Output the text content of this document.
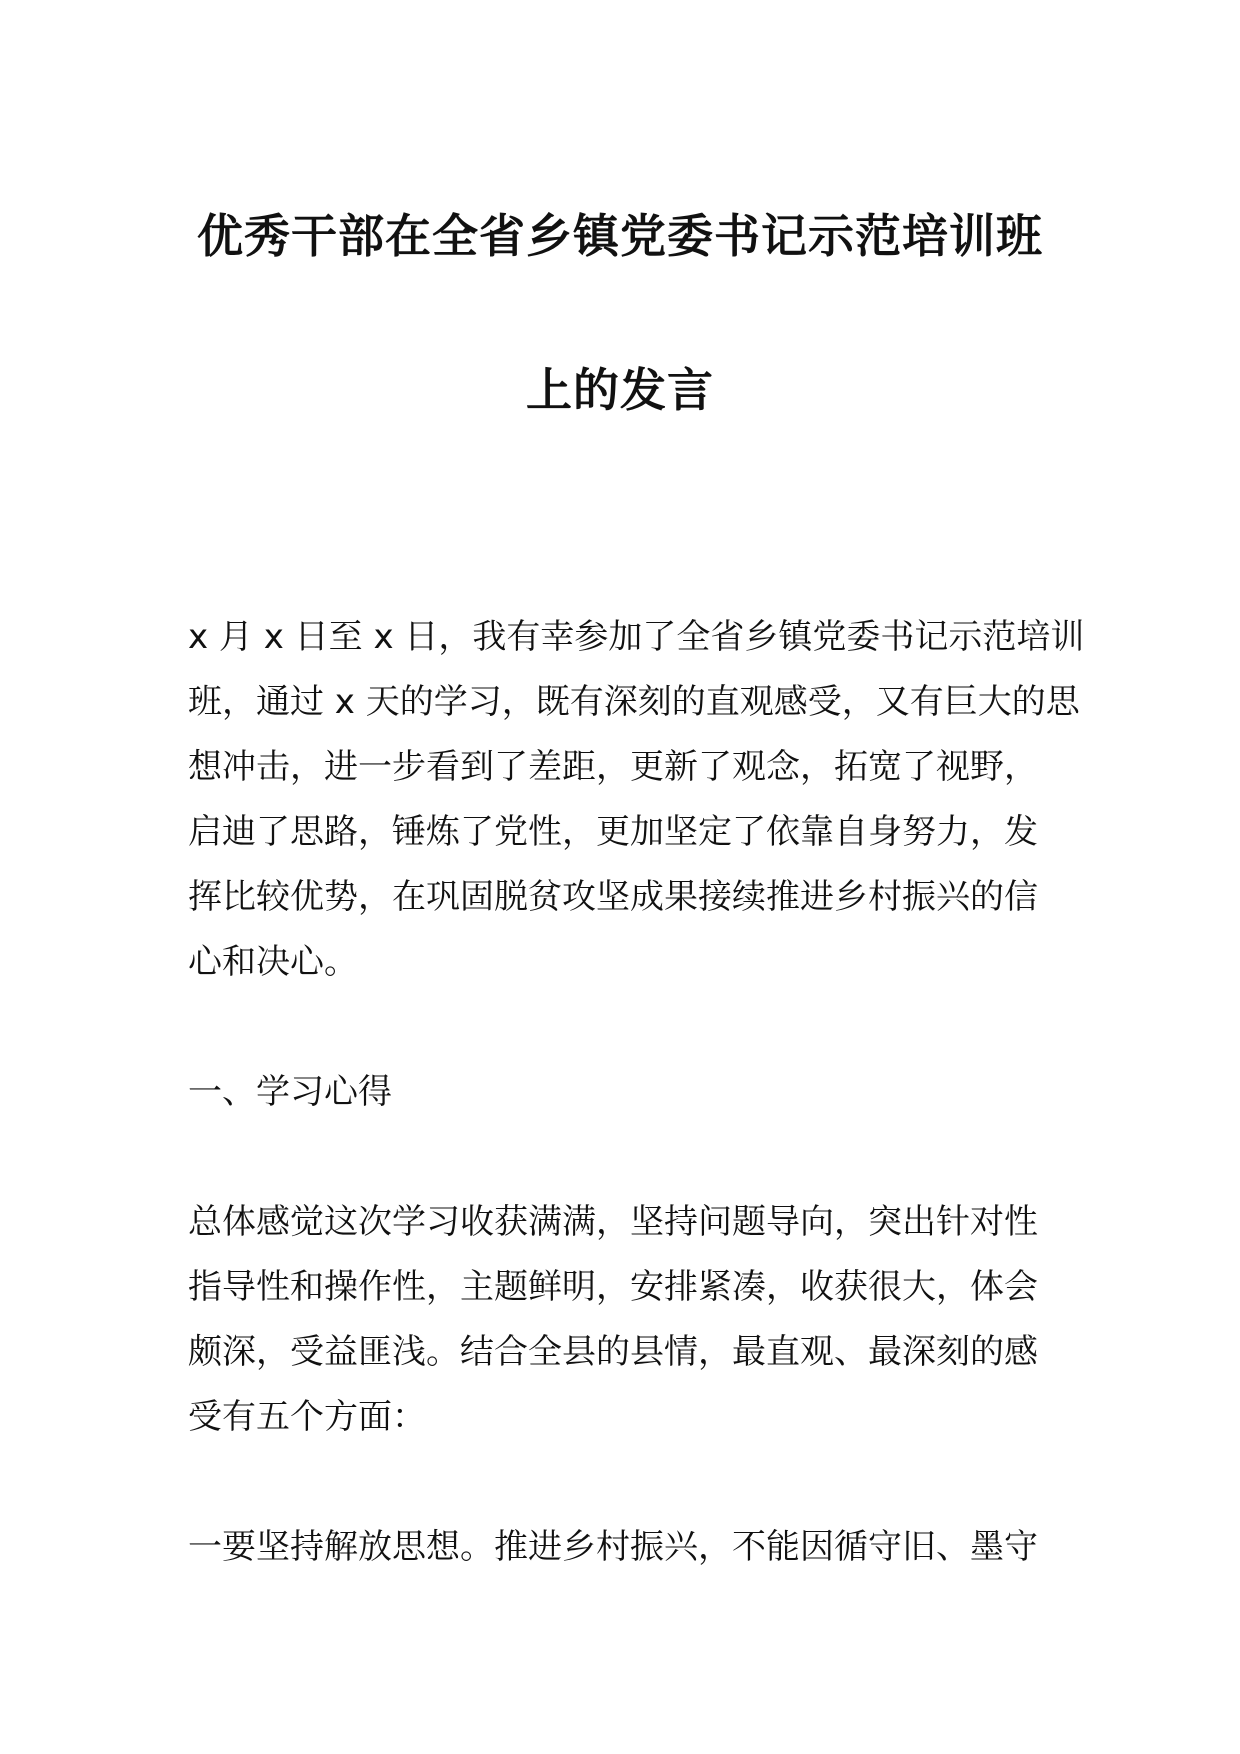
优秀干部在全省乡镇党委书记示范培训班
上的发言

x 月 x 日至 x 日，我有幸参加了全省乡镇党委书记示范培训

班，通过 x 天的学习，既有深刻的直观感受，又有巨大的思

想冲击，进一步看到了差距，更新了观念，拓宽了视野，

启迪了思路，锤炼了党性，更加坚定了依靠自身努力，发

挥比较优势，在巩固脱贫攻坚成果接续推进乡村振兴的信

心和决心。

一、学习心得

总体感觉这次学习收获满满，坚持问题导向，突出针对性

指导性和操作性，主题鲜明，安排紧凑，收获很大，体会

颇深，受益匪浅。结合全县的县情，最直观、最深刻的感

受有五个方面：

一要坚持解放思想。推进乡村振兴，不能因循守旧、墨守
